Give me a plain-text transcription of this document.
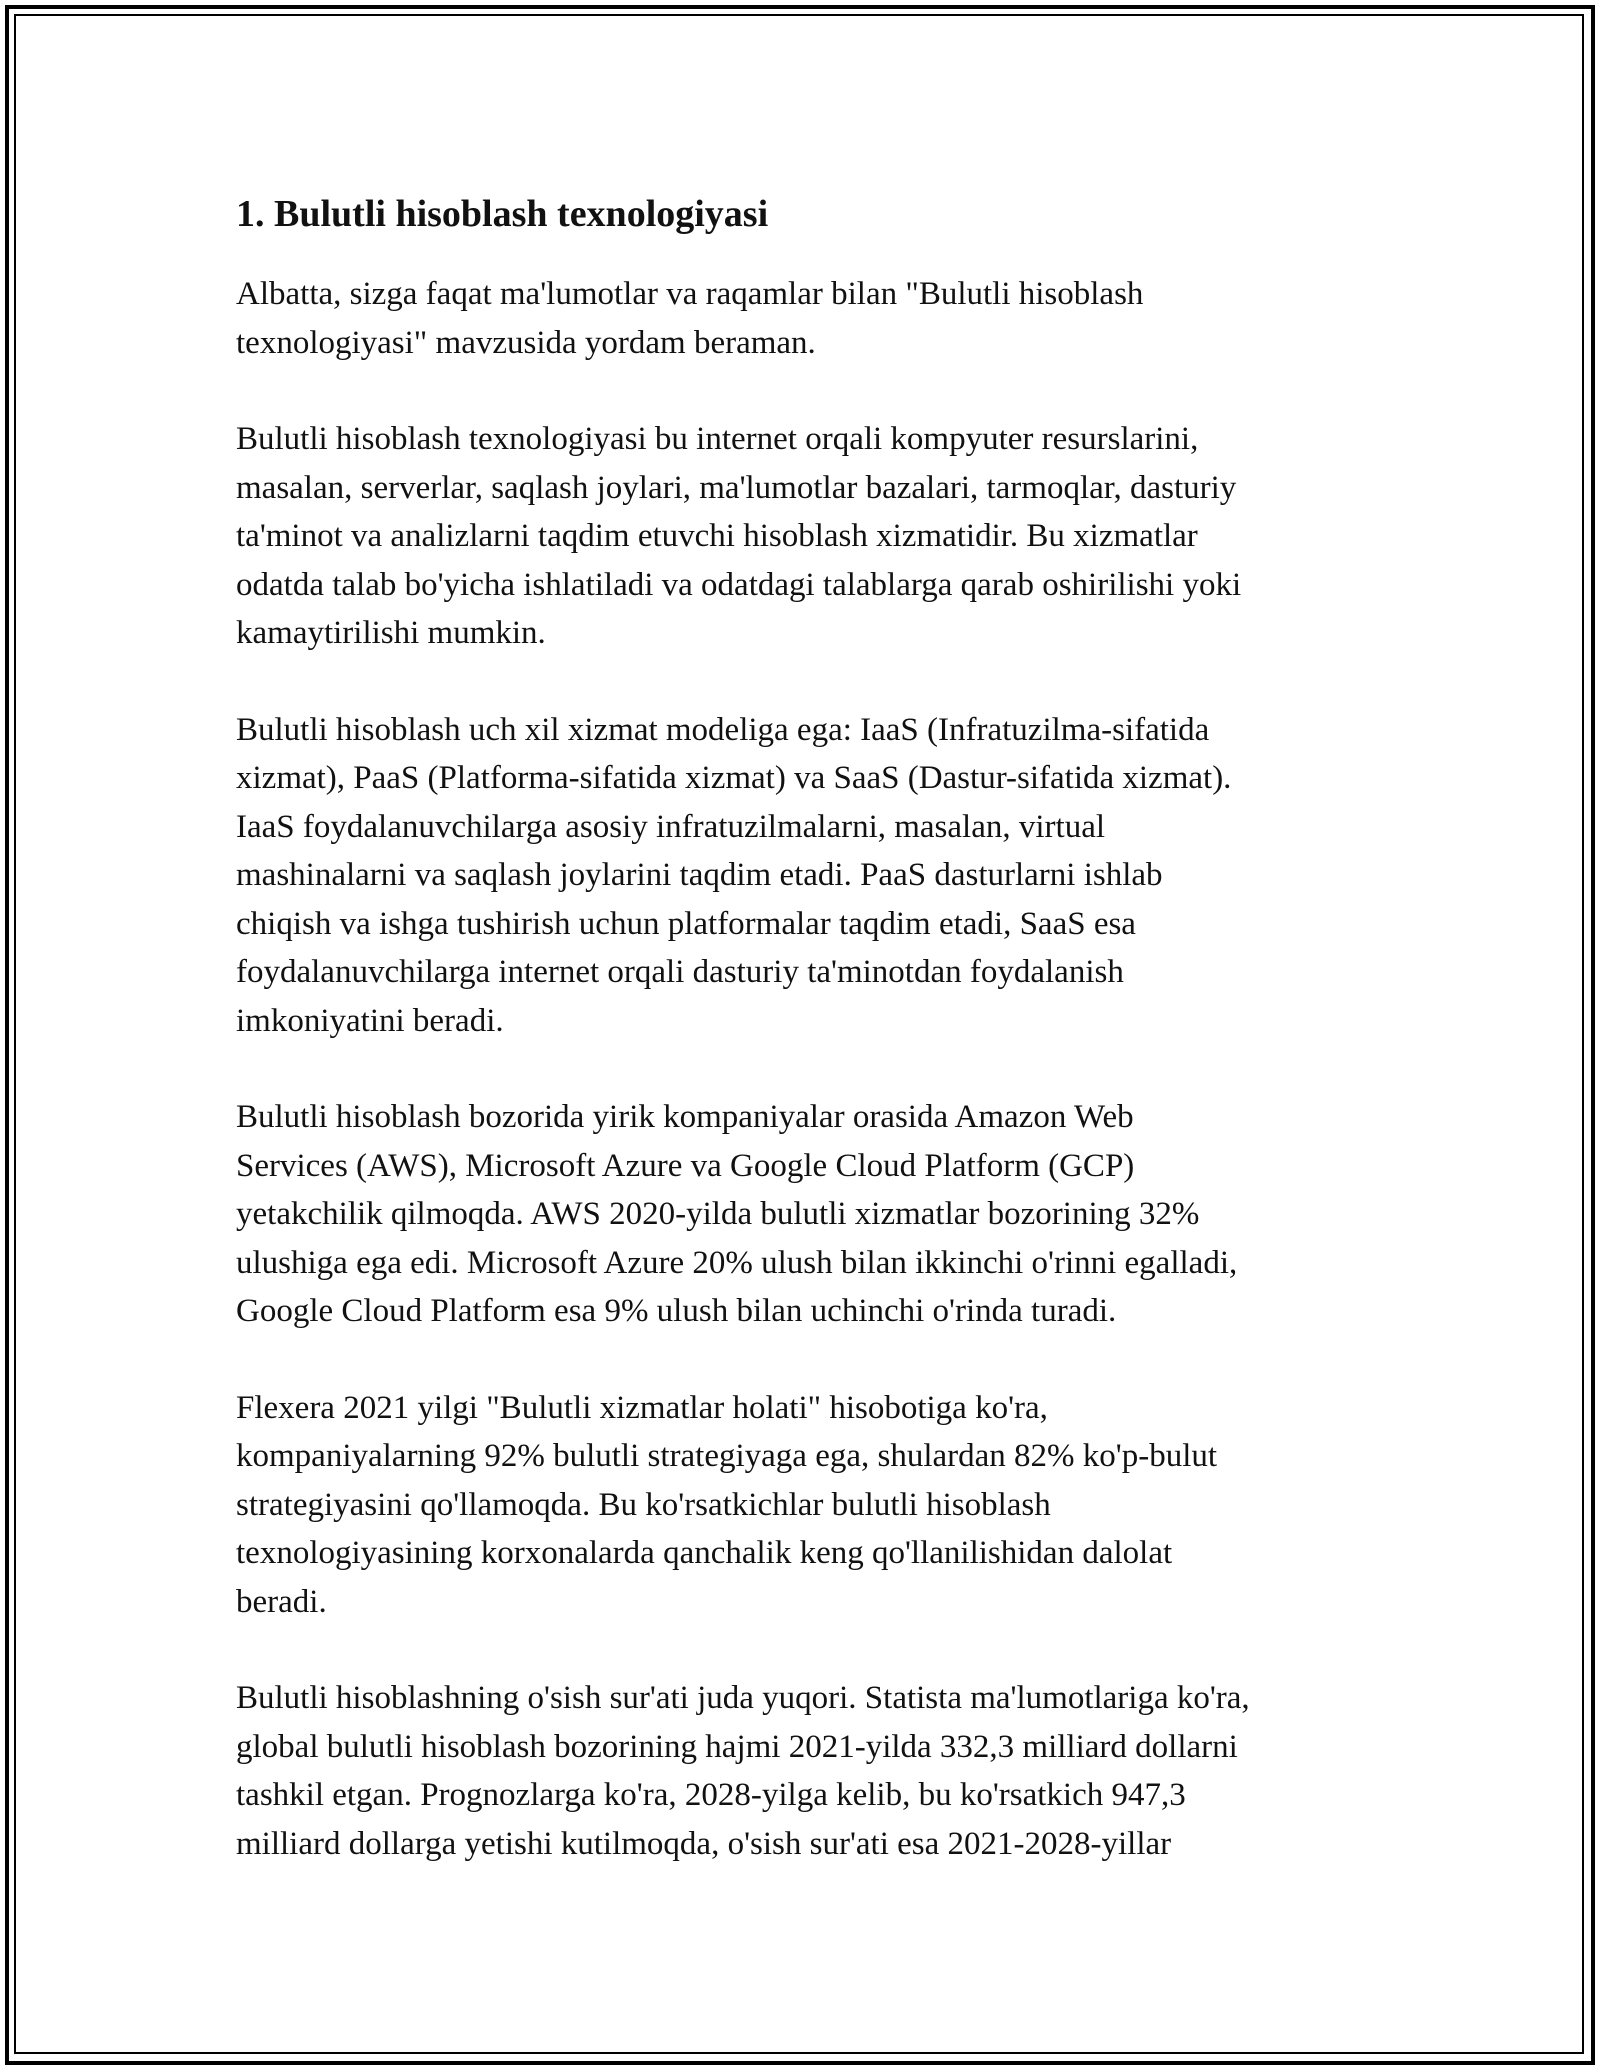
1. Bulutli hisoblash texnologiyasi
Albatta, sizga faqat ma'lumotlar va raqamlar bilan "Bulutli hisoblash
texnologiyasi" mavzusida yordam beraman.
Bulutli hisoblash texnologiyasi bu internet orqali kompyuter resurslarini,
masalan, serverlar, saqlash joylari, ma'lumotlar bazalari, tarmoqlar, dasturiy
ta'minot va analizlarni taqdim etuvchi hisoblash xizmatidir. Bu xizmatlar
odatda talab bo'yicha ishlatiladi va odatdagi talablarga qarab oshirilishi yoki
kamaytirilishi mumkin.
Bulutli hisoblash uch xil xizmat modeliga ega: IaaS (Infratuzilma-sifatida
xizmat), PaaS (Platforma-sifatida xizmat) va SaaS (Dastur-sifatida xizmat).
IaaS foydalanuvchilarga asosiy infratuzilmalarni, masalan, virtual
mashinalarni va saqlash joylarini taqdim etadi. PaaS dasturlarni ishlab
chiqish va ishga tushirish uchun platformalar taqdim etadi, SaaS esa
foydalanuvchilarga internet orqali dasturiy ta'minotdan foydalanish
imkoniyatini beradi.
Bulutli hisoblash bozorida yirik kompaniyalar orasida Amazon Web
Services (AWS), Microsoft Azure va Google Cloud Platform (GCP)
yetakchilik qilmoqda. AWS 2020-yilda bulutli xizmatlar bozorining 32%
ulushiga ega edi. Microsoft Azure 20% ulush bilan ikkinchi o'rinni egalladi,
Google Cloud Platform esa 9% ulush bilan uchinchi o'rinda turadi.
Flexera 2021 yilgi "Bulutli xizmatlar holati" hisobotiga ko'ra,
kompaniyalarning 92% bulutli strategiyaga ega, shulardan 82% ko'p-bulut
strategiyasini qo'llamoqda. Bu ko'rsatkichlar bulutli hisoblash
texnologiyasining korxonalarda qanchalik keng qo'llanilishidan dalolat
beradi.
Bulutli hisoblashning o'sish sur'ati juda yuqori. Statista ma'lumotlariga ko'ra,
global bulutli hisoblash bozorining hajmi 2021-yilda 332,3 milliard dollarni
tashkil etgan. Prognozlarga ko'ra, 2028-yilga kelib, bu ko'rsatkich 947,3
milliard dollarga yetishi kutilmoqda, o'sish sur'ati esa 2021-2028-yillar
